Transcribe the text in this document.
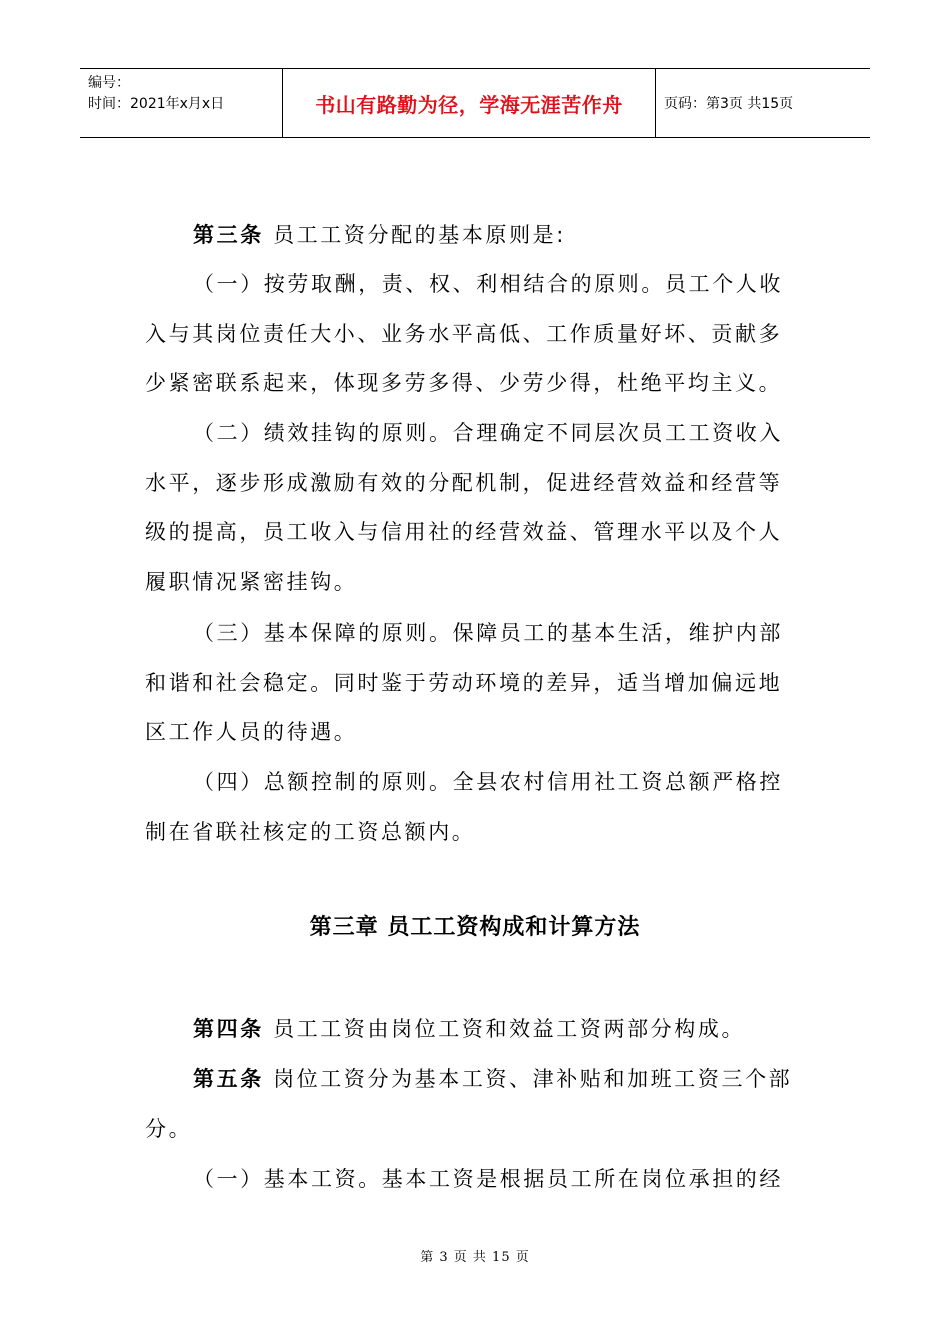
编号：
时间：2021年x月x日	书山有路勤为径，学海无涯苦作舟	页码：第3页 共15页

第三条 员工工资分配的基本原则是:

（一）按劳取酬，责、权、利相结合的原则。员工个人收入与其岗位责任大小、业务水平高低、工作质量好坏、贡献多少紧密联系起来，体现多劳多得、少劳少得，杜绝平均主义。

（二）绩效挂钩的原则。合理确定不同层次员工工资收入水平，逐步形成激励有效的分配机制，促进经营效益和经营等级的提高，员工收入与信用社的经营效益、管理水平以及个人履职情况紧密挂钩。

（三）基本保障的原则。保障员工的基本生活，维护内部和谐和社会稳定。同时鉴于劳动环境的差异，适当增加偏远地区工作人员的待遇。

（四）总额控制的原则。全县农村信用社工资总额严格控制在省联社核定的工资总额内。

第三章 员工工资构成和计算方法

第四条 员工工资由岗位工资和效益工资两部分构成。

第五条 岗位工资分为基本工资、津补贴和加班工资三个部分。

（一）基本工资。基本工资是根据员工所在岗位承担的经

第 3 页 共 15 页
